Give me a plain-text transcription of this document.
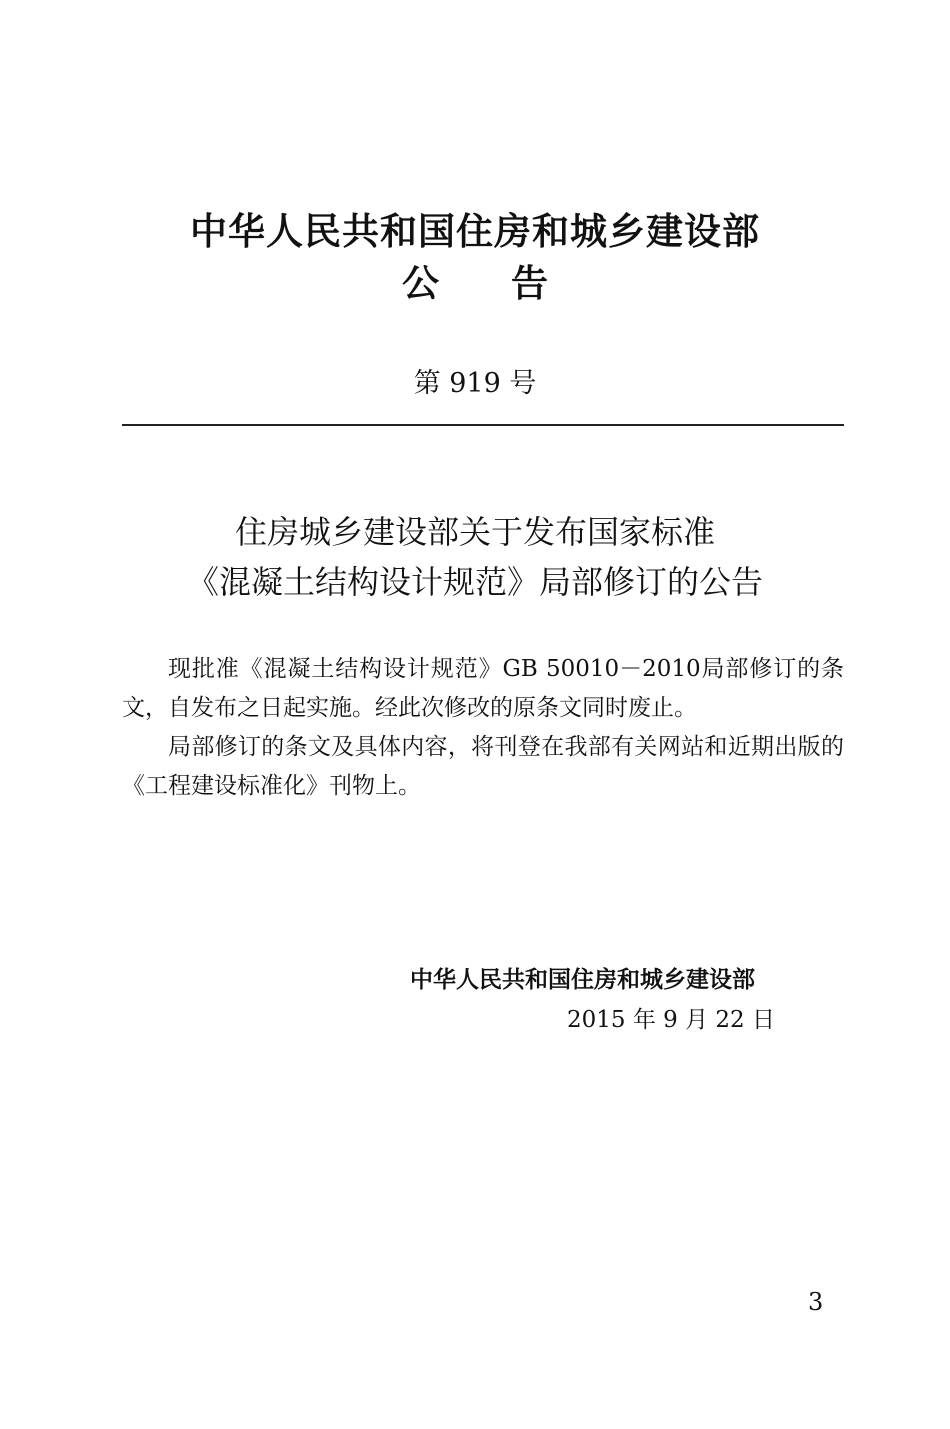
中华人民共和国住房和城乡建设部
公告
第 919 号
住房城乡建设部关于发布国家标准
《混凝土结构设计规范》局部修订的公告

现批准《混凝土结构设计规范》GB 50010－2010局部修订的条文，自发布之日起实施。经此次修改的原条文同时废止。

局部修订的条文及具体内容，将刊登在我部有关网站和近期出版的《工程建设标准化》刊物上。

中华人民共和国住房和城乡建设部
2015 年 9 月 22 日
3
